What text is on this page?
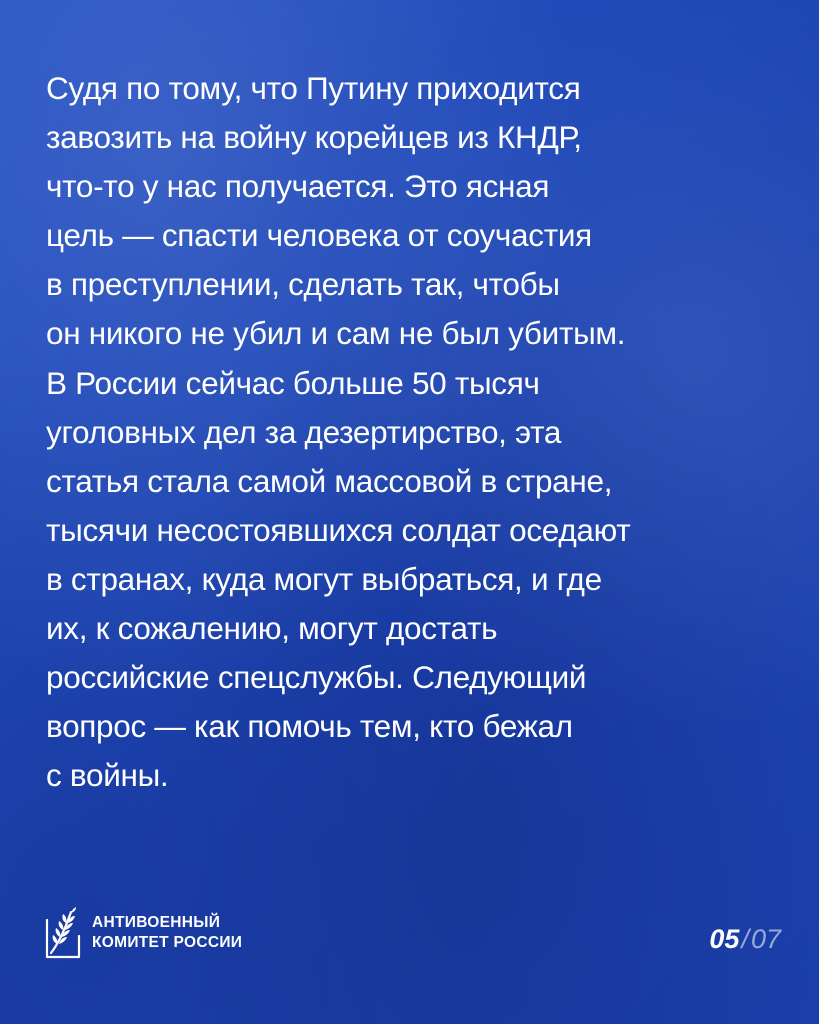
Судя по тому, что Путину приходится
завозить на войну корейцев из КНДР,
что-то у нас получается. Это ясная
цель — спасти человека от соучастия
в преступлении, сделать так, чтобы
он никого не убил и сам не был убитым.
В России сейчас больше 50 тысяч
уголовных дел за дезертирство, эта
статья стала самой массовой в стране,
тысячи несостоявшихся солдат оседают
в странах, куда могут выбраться, и где
их, к сожалению, могут достать
российские спецслужбы. Следующий
вопрос — как помочь тем, кто бежал
с войны.
АНТИВОЕННЫЙ
КОМИТЕТ РОССИИ	05/07
